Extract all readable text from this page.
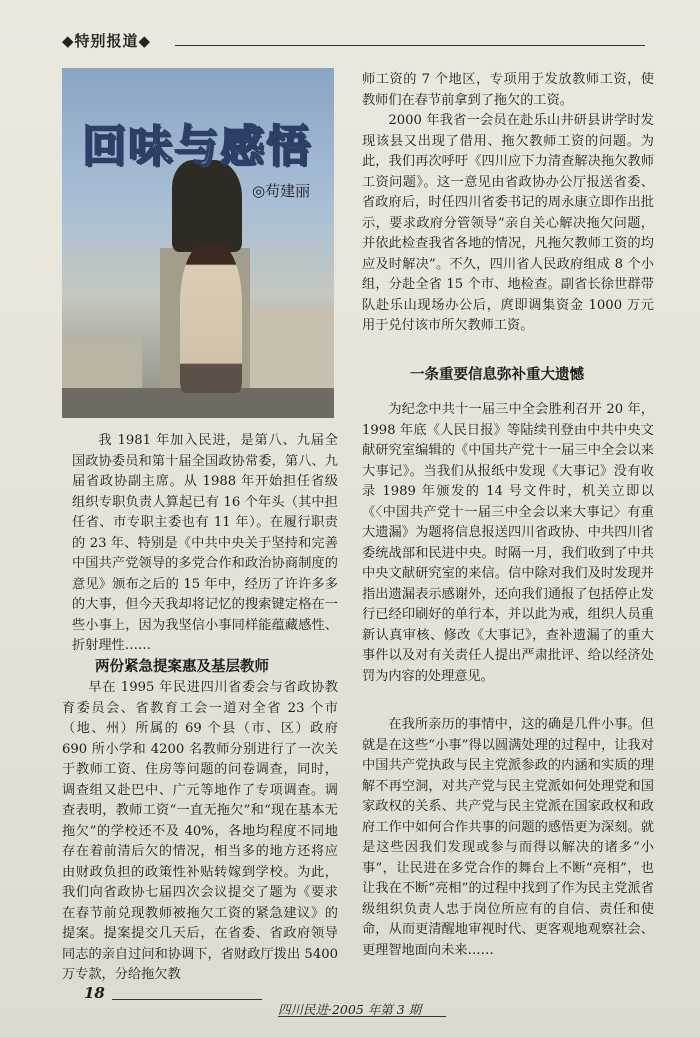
◆特别报道◆
回味与感悟
◎苟建丽

我 1981 年加入民进，是第八、九届全国政协委员和第十届全国政协常委，第八、九届省政协副主席。从 1988 年开始担任省级组织专职负责人算起已有 16 个年头（其中担任省、市专职主委也有 11 年）。在履行职责的 23 年、特别是《中共中央关于坚持和完善中国共产党领导的多党合作和政治协商制度的意见》颁布之后的 15 年中，经历了许许多多的大事，但今天我却将记忆的搜索键定格在一些小事上，因为我坚信小事同样能蕴藏感性、折射理性……

两份紧急提案惠及基层教师

早在 1995 年民进四川省委会与省政协教育委员会、省教育工会一道对全省 23 个市（地、州）所属的 69 个县（市、区）政府 690 所小学和 4200 名教师分别进行了一次关于教师工资、住房等问题的问卷调查，同时，调查组又赴巴中、广元等地作了专项调查。调查表明，教师工资“一直无拖欠”和“现在基本无拖欠”的学校还不及 40%，各地均程度不同地存在着前清后欠的情况，相当多的地方还将应由财政负担的政策性补贴转嫁到学校。为此，我们向省政协七届四次会议提交了题为《要求在春节前兑现教师被拖欠工资的紧急建议》的提案。提案提交几天后，在省委、省政府领导同志的亲自过问和协调下，省财政厅拨出 5400 万专款，分给拖欠教

师工资的 7 个地区，专项用于发放教师工资，使教师们在春节前拿到了拖欠的工资。

2000 年我省一会员在赴乐山井研县讲学时发现该县又出现了借用、拖欠教师工资的问题。为此，我们再次呼吁《四川应下力清查解决拖欠教师工资问题》。这一意见由省政协办公厅报送省委、省政府后，时任四川省委书记的周永康立即作出批示，要求政府分管领导“亲自关心解决拖欠问题，并依此检查我省各地的情况，凡拖欠教师工资的均应及时解决”。不久，四川省人民政府组成 8 个小组，分赴全省 15 个市、地检查。副省长徐世群带队赴乐山现场办公后，庹即调集资金 1000 万元用于兑付该市所欠教师工资。

一条重要信息弥补重大遗憾

为纪念中共十一届三中全会胜利召开 20 年，1998 年底《人民日报》等陆续刊登由中共中央文献研究室编辑的《中国共产党十一届三中全会以来大事记》。当我们从报纸中发现《大事记》没有收录 1989 年颁发的 14 号文件时，机关立即以《〈中国共产党十一届三中全会以来大事记〉有重大遗漏》为题将信息报送四川省政协、中共四川省委统战部和民进中央。时隔一月，我们收到了中共中央文献研究室的来信。信中除对我们及时发现并指出遗漏表示感谢外，还向我们通报了包括停止发行已经印刷好的单行本，并以此为戒，组织人员重新认真审核、修改《大事记》，查补遗漏了的重大事件以及对有关责任人提出严肃批评、给以经济处罚为内容的处理意见。

在我所亲历的事情中，这的确是几件小事。但就是在这些“小事”得以圆满处理的过程中，让我对中国共产党执政与民主党派参政的内涵和实质的理解不再空洞，对共产党与民主党派如何处理党和国家政权的关系、共产党与民主党派在国家政权和政府工作中如何合作共事的问题的感悟更为深刻。就是这些因我们发现或参与而得以解决的诸多“小事”，让民进在多党合作的舞台上不断“亮相”，也让我在不断“亮相”的过程中找到了作为民主党派省级组织负责人忠于岗位所应有的自信、责任和使命，从而更清醒地审视时代、更客观地观察社会、更理智地面向未来……

18
四川民进·2005 年第 3 期
